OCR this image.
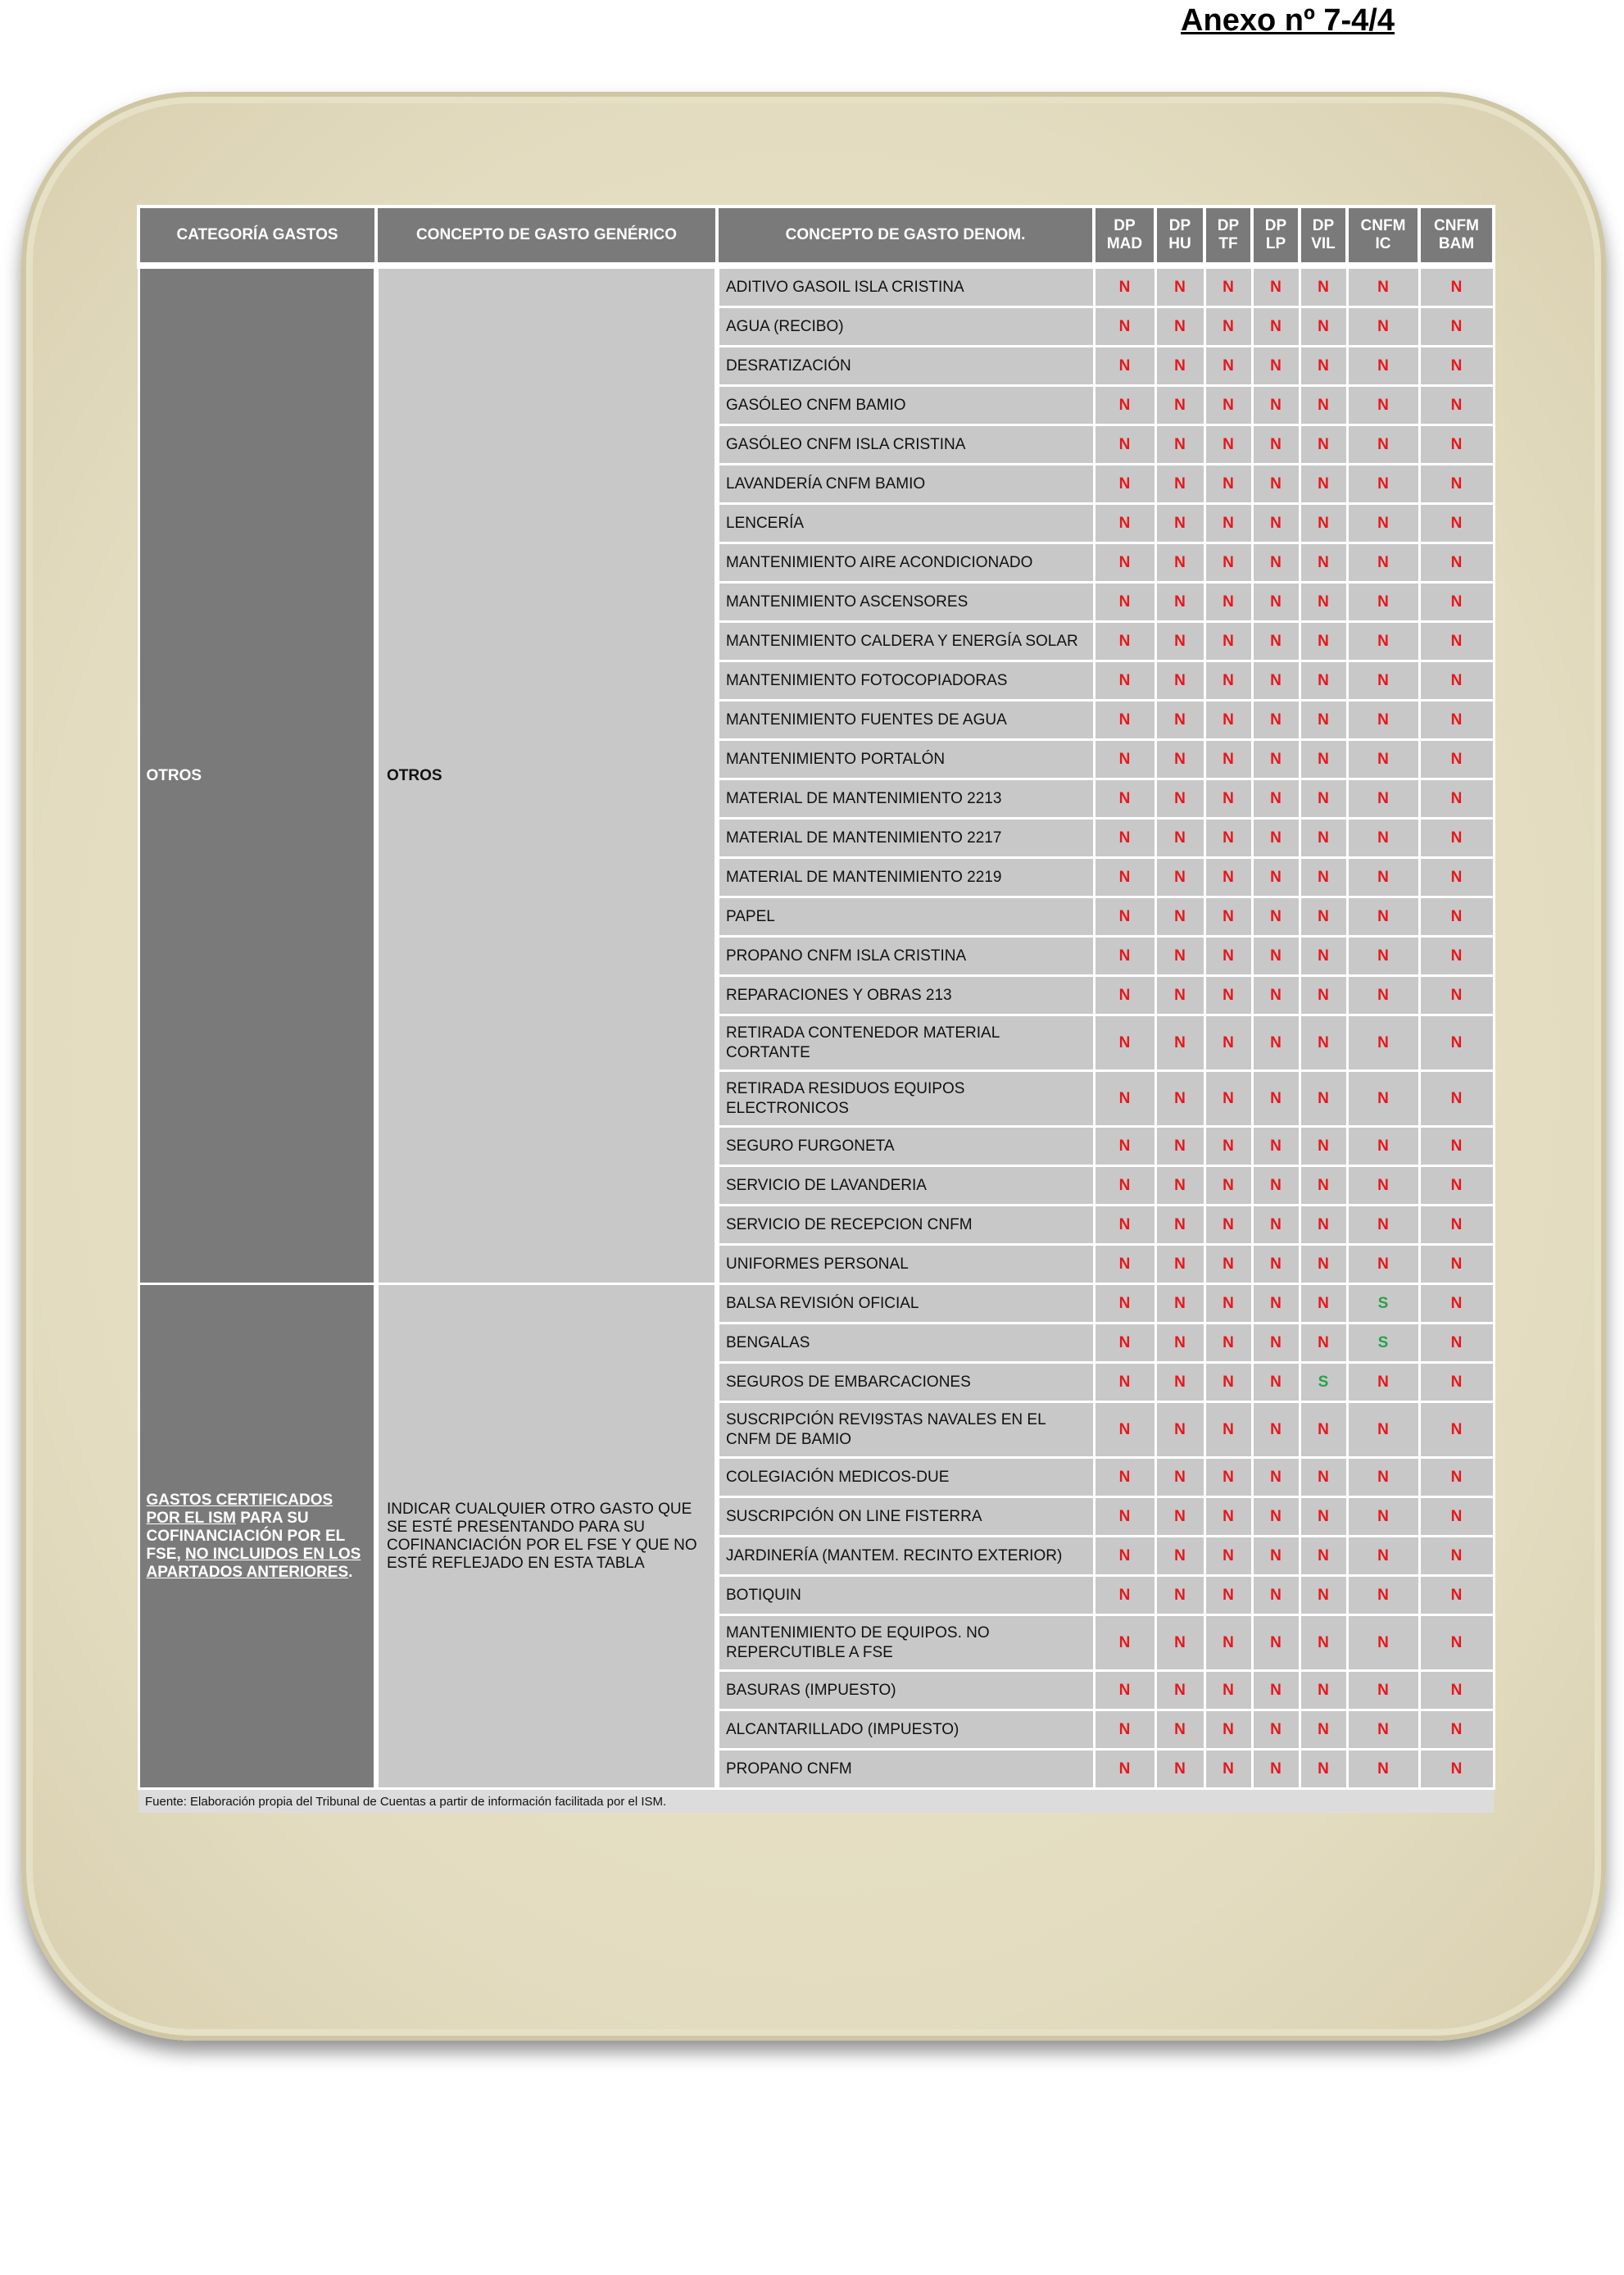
Anexo nº 7-4/4
CATEGORÍA GASTOS	CONCEPTO DE GASTO GENÉRICO	CONCEPTO DE GASTO DENOM.	DP MAD	DP HU	DP TF	DP LP	DP VIL	CNFM IC	CNFM BAM
OTROS	OTROS	ADITIVO GASOIL ISLA CRISTINA	N	N	N	N	N	N	N
		AGUA (RECIBO)	N	N	N	N	N	N	N
		DESRATIZACIÓN	N	N	N	N	N	N	N
		GASÓLEO CNFM BAMIO	N	N	N	N	N	N	N
		GASÓLEO CNFM ISLA CRISTINA	N	N	N	N	N	N	N
		LAVANDERÍA CNFM BAMIO	N	N	N	N	N	N	N
		LENCERÍA	N	N	N	N	N	N	N
		MANTENIMIENTO AIRE ACONDICIONADO	N	N	N	N	N	N	N
		MANTENIMIENTO ASCENSORES	N	N	N	N	N	N	N
		MANTENIMIENTO CALDERA Y ENERGÍA SOLAR	N	N	N	N	N	N	N
		MANTENIMIENTO FOTOCOPIADORAS	N	N	N	N	N	N	N
		MANTENIMIENTO FUENTES DE AGUA	N	N	N	N	N	N	N
		MANTENIMIENTO PORTALÓN	N	N	N	N	N	N	N
		MATERIAL DE MANTENIMIENTO 2213	N	N	N	N	N	N	N
		MATERIAL DE MANTENIMIENTO 2217	N	N	N	N	N	N	N
		MATERIAL DE MANTENIMIENTO 2219	N	N	N	N	N	N	N
		PAPEL	N	N	N	N	N	N	N
		PROPANO CNFM ISLA CRISTINA	N	N	N	N	N	N	N
		REPARACIONES Y OBRAS 213	N	N	N	N	N	N	N
		RETIRADA CONTENEDOR MATERIAL CORTANTE	N	N	N	N	N	N	N
		RETIRADA RESIDUOS EQUIPOS ELECTRONICOS	N	N	N	N	N	N	N
		SEGURO FURGONETA	N	N	N	N	N	N	N
		SERVICIO DE LAVANDERIA	N	N	N	N	N	N	N
		SERVICIO DE RECEPCION CNFM	N	N	N	N	N	N	N
		UNIFORMES PERSONAL	N	N	N	N	N	N	N
GASTOS CERTIFICADOS POR EL ISM PARA SU COFINANCIACIÓN POR EL FSE, NO INCLUIDOS EN LOS APARTADOS ANTERIORES.	INDICAR CUALQUIER OTRO GASTO QUE SE ESTÉ PRESENTANDO PARA SU COFINANCIACIÓN POR EL FSE Y QUE NO ESTÉ REFLEJADO EN ESTA TABLA	BALSA REVISIÓN OFICIAL	N	N	N	N	N	S	N
		BENGALAS	N	N	N	N	N	S	N
		SEGUROS DE EMBARCACIONES	N	N	N	N	S	N	N
		SUSCRIPCIÓN REVI9STAS NAVALES EN EL CNFM DE BAMIO	N	N	N	N	N	N	N
		COLEGIACIÓN MEDICOS-DUE	N	N	N	N	N	N	N
		SUSCRIPCIÓN ON LINE FISTERRA	N	N	N	N	N	N	N
		JARDINERÍA (MANTEM. RECINTO EXTERIOR)	N	N	N	N	N	N	N
		BOTIQUIN	N	N	N	N	N	N	N
		MANTENIMIENTO DE EQUIPOS. NO REPERCUTIBLE A FSE	N	N	N	N	N	N	N
		BASURAS (IMPUESTO)	N	N	N	N	N	N	N
		ALCANTARILLADO (IMPUESTO)	N	N	N	N	N	N	N
		PROPANO CNFM	N	N	N	N	N	N	N
Fuente: Elaboración propia del Tribunal de Cuentas a partir de información facilitada por el ISM.									
